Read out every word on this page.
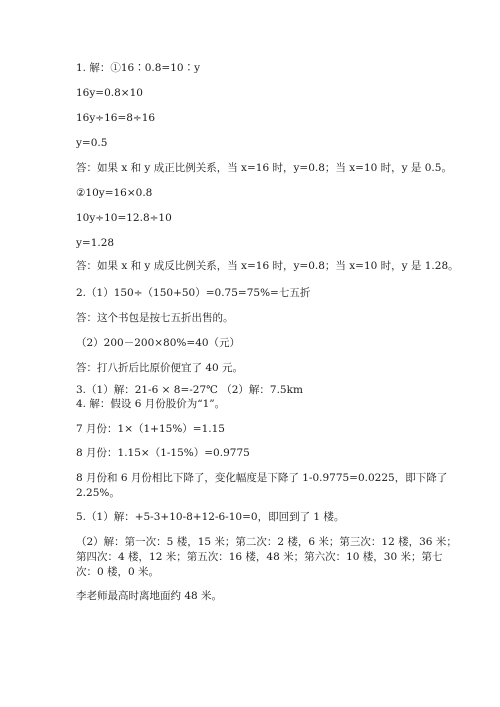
1. 解：①16∶0.8=10∶y
16y=0.8×10
16y÷16=8÷16
y=0.5
答：如果 x 和 y 成正比例关系，当 x=16 时，y=0.8；当 x=10 时，y 是 0.5。
②10y=16×0.8
10y÷10=12.8÷10
y=1.28
答：如果 x 和 y 成反比例关系，当 x=16 时，y=0.8；当 x=10 时，y 是 1.28。
2.（1）150÷（150+50）=0.75=75%=七五折
答：这个书包是按七五折出售的。
（2）200－200×80%=40（元）
答：打八折后比原价便宜了 40 元。
3.（1）解：21-6 × 8=-27℃ （2）解：7.5km
4. 解：假设 6 月份股价为“1”。
7 月份：1×（1+15%）=1.15
8 月份：1.15×（1-15%）=0.9775
8 月份和 6 月份相比下降了，变化幅度是下降了 1-0.9775=0.0225，即下降了
2.25%。
5.（1）解：+5-3+10-8+12-6-10=0，即回到了 1 楼。
（2）解：第一次：5 楼，15 米；第二次：2 楼，6 米；第三次：12 楼，36 米；
第四次：4 楼，12 米；第五次：16 楼，48 米；第六次：10 楼，30 米；第七
次：0 楼，0 米。
李老师最高时离地面约 48 米。
